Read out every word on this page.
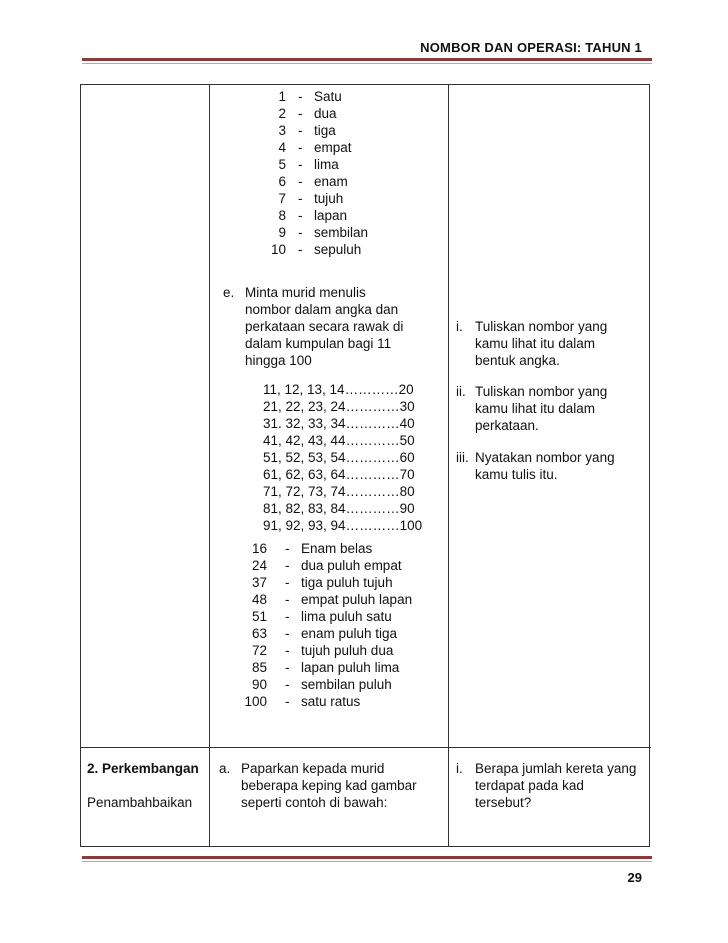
NOMBOR DAN OPERASI: TAHUN 1
2. Perkembangan
Penambahbaikan
29
1 - Satu
2 - dua
3 - tiga
4 - empat
5 - lima
6 - enam
7 - tujuh
8 - lapan
9 - sembilan
10 - sepuluh
e. Minta murid menulis
nombor dalam angka dan
perkataan secara rawak di
dalam kumpulan bagi 11
hingga 100
11, 12, 13, 14…………20
21, 22, 23, 24…………30
31. 32, 33, 34…………40
41, 42, 43, 44…………50
51, 52, 53, 54…………60
61, 62, 63, 64…………70
71, 72, 73, 74…………80
81, 82, 83, 84…………90
91, 92, 93, 94…………100
16 - Enam belas
24 - dua puluh empat
37 - tiga puluh tujuh
48 - empat puluh lapan
51 - lima puluh satu
63 - enam puluh tiga
72 - tujuh puluh dua
85 - lapan puluh lima
90 - sembilan puluh
100 - satu ratus
i. Tuliskan nombor yang
kamu lihat itu dalam
bentuk angka.
ii. Tuliskan nombor yang
kamu lihat itu dalam
perkataan.
iii. Nyatakan nombor yang
kamu tulis itu.
a. Paparkan kepada murid
beberapa keping kad gambar
seperti contoh di bawah:
i. Berapa jumlah kereta yang
terdapat pada kad
tersebut?
